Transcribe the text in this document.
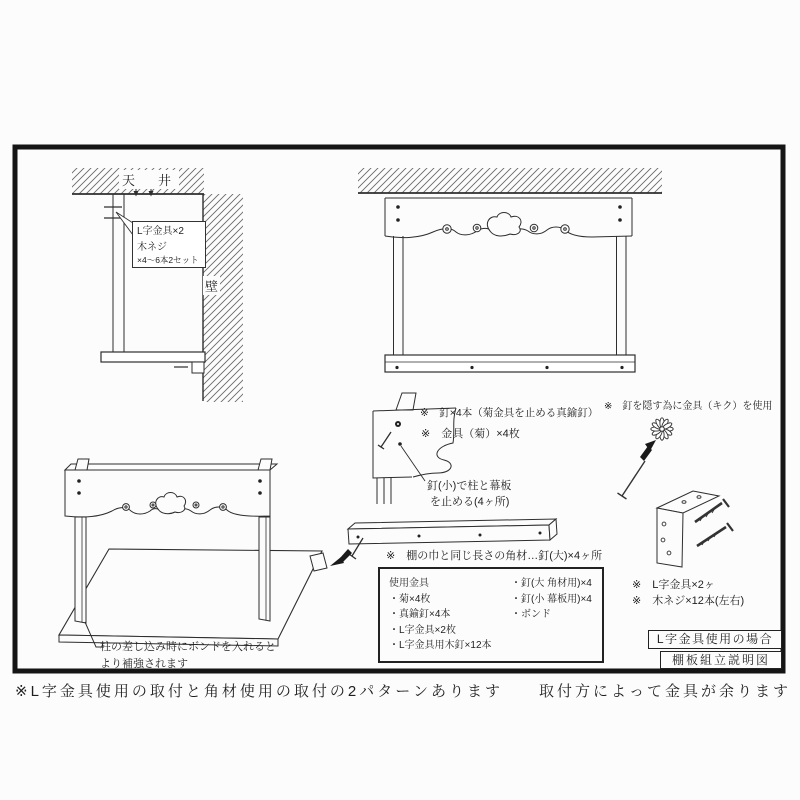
天　井
壁
L字金具×2
木ネジ
×4～6本2セット
※　釘×4本（菊金具を止める真鍮釘）
※　金具（菊）×4枚
釘(小)で柱と幕板
を止める(4ヶ所)
※　釘を隠す為に金具（キク）を使用
※　棚の巾と同じ長さの角材…釘(大)×4ヶ所
使用金具
・菊×4枚
・真鍮釘×4本
・L字金具×2枚
・L字金具用木釘×12本
・釘(大 角材用)×4
・釘(小 幕板用)×4
・ボンド
※　L字金具×2ヶ
※　木ネジ×12本(左右)
L字金具使用の場合
棚板組立説明図
柱の差し込み時にボンドを入れると
より補強されます
※L字金具使用の取付と角材使用の取付の2パターンあります　　取付方によって金具が余ります
